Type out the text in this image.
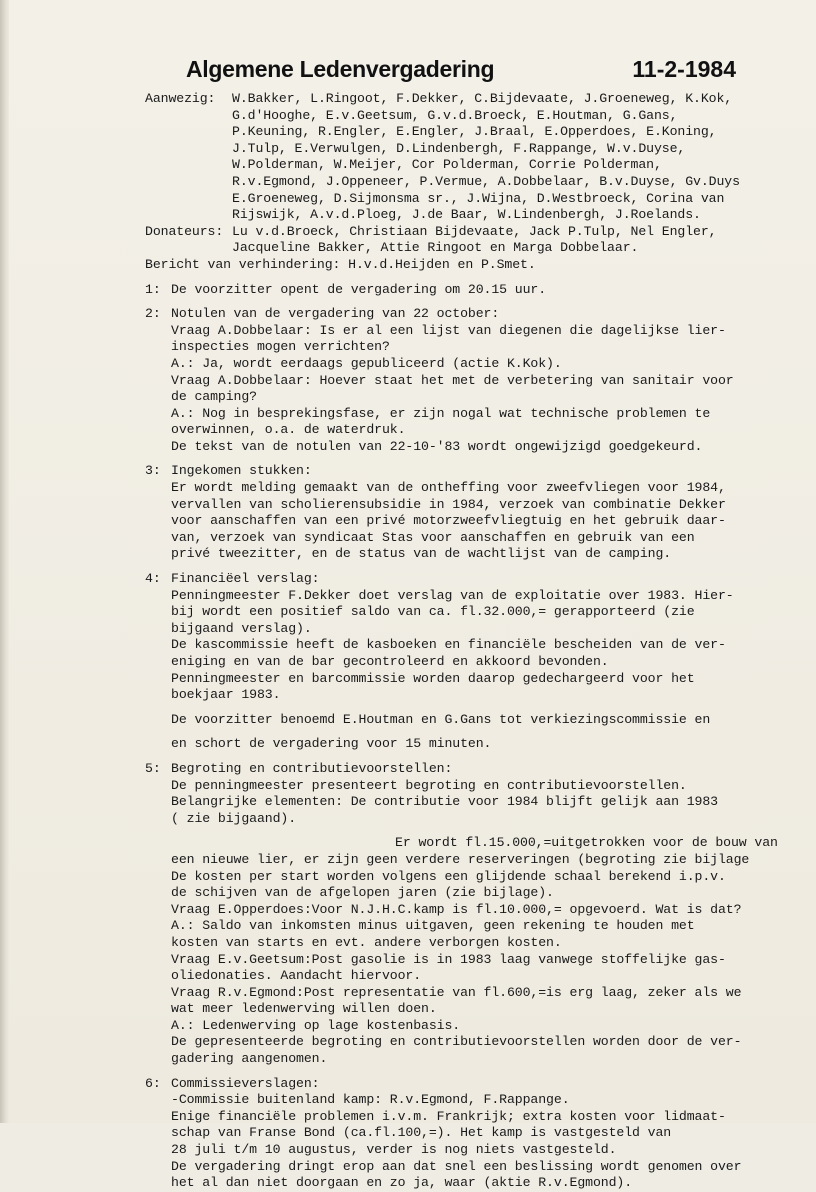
Algemene Ledenvergadering	11-2-1984
Aanwezig: W.Bakker, L.Ringoot, F.Dekker, C.Bijdevaate, J.Groeneweg, K.Kok,
G.d'Hooghe, E.v.Geetsum, G.v.d.Broeck, E.Houtman, G.Gans,
P.Keuning, R.Engler, E.Engler, J.Braal, E.Opperdoes, E.Koning,
J.Tulp, E.Verwulgen, D.Lindenbergh, F.Rappange, W.v.Duyse,
W.Polderman, W.Meijer, Cor Polderman, Corrie Polderman,
R.v.Egmond, J.Oppeneer, P.Vermue, A.Dobbelaar, B.v.Duyse, Gv.Duys
E.Groeneweg, D.Sijmonsma sr., J.Wijna, D.Westbroeck, Corina van
Rijswijk, A.v.d.Ploeg, J.de Baar, W.Lindenbergh, J.Roelands.
Donateurs: Lu v.d.Broeck, Christiaan Bijdevaate, Jack P.Tulp, Nel Engler,
Jacqueline Bakker, Attie Ringoot en Marga Dobbelaar.
Bericht van verhindering: H.v.d.Heijden en P.Smet.
1: De voorzitter opent de vergadering om 20.15 uur.
2: Notulen van de vergadering van 22 october:
Vraag A.Dobbelaar: Is er al een lijst van diegenen die dagelijkse lier-
inspecties mogen verrichten?
A.: Ja, wordt eerdaags gepubliceerd (actie K.Kok).
Vraag A.Dobbelaar: Hoever staat het met de verbetering van sanitair voor
de camping?
A.: Nog in besprekingsfase, er zijn nogal wat technische problemen te
overwinnen, o.a. de waterdruk.
De tekst van de notulen van 22-10-'83 wordt ongewijzigd goedgekeurd.
3: Ingekomen stukken:
Er wordt melding gemaakt van de ontheffing voor zweefvliegen voor 1984,
vervallen van scholierensubsidie in 1984, verzoek van combinatie Dekker
voor aanschaffen van een privé motorzweefvliegtuig en het gebruik daar-
van, verzoek van syndicaat Stas voor aanschaffen en gebruik van een
privé tweezitter, en de status van de wachtlijst van de camping.
4: Financiëel verslag:
Penningmeester F.Dekker doet verslag van de exploitatie over 1983. Hier-
bij wordt een positief saldo van ca. fl.32.000,= gerapporteerd (zie
bijgaand verslag).
De kascommissie heeft de kasboeken en financiële bescheiden van de ver-
eniging en van de bar gecontroleerd en akkoord bevonden.
Penningmeester en barcommissie worden daarop gedechargeerd voor het
boekjaar 1983.
De voorzitter benoemd E.Houtman en G.Gans tot verkiezingscommissie en
en schort de vergadering voor 15 minuten.
5: Begroting en contributievoorstellen:
De penningmeester presenteert begroting en contributievoorstellen.
Belangrijke elementen: De contributie voor 1984 blijft gelijk aan 1983
( zie bijgaand).
Er wordt fl.15.000,=uitgetrokken voor de bouw van
een nieuwe lier, er zijn geen verdere reserveringen (begroting zie bijlage
De kosten per start worden volgens een glijdende schaal berekend i.p.v.
de schijven van de afgelopen jaren (zie bijlage).
Vraag E.Opperdoes:Voor N.J.H.C.kamp is fl.10.000,= opgevoerd. Wat is dat?
A.: Saldo van inkomsten minus uitgaven, geen rekening te houden met
kosten van starts en evt. andere verborgen kosten.
Vraag E.v.Geetsum:Post gasolie is in 1983 laag vanwege stoffelijke gas-
oliedonaties. Aandacht hiervoor.
Vraag R.v.Egmond:Post representatie van fl.600,=is erg laag, zeker als we
wat meer ledenwerving willen doen.
A.: Ledenwerving op lage kostenbasis.
De gepresenteerde begroting en contributievoorstellen worden door de ver-
gadering aangenomen.
6: Commissieverslagen:
-Commissie buitenland kamp: R.v.Egmond, F.Rappange.
Enige financiële problemen i.v.m. Frankrijk; extra kosten voor lidmaat-
schap van Franse Bond (ca.fl.100,=). Het kamp is vastgesteld van
28 juli t/m 10 augustus, verder is nog niets vastgesteld.
De vergadering dringt erop aan dat snel een beslissing wordt genomen over
het al dan niet doorgaan en zo ja, waar (aktie R.v.Egmond).
